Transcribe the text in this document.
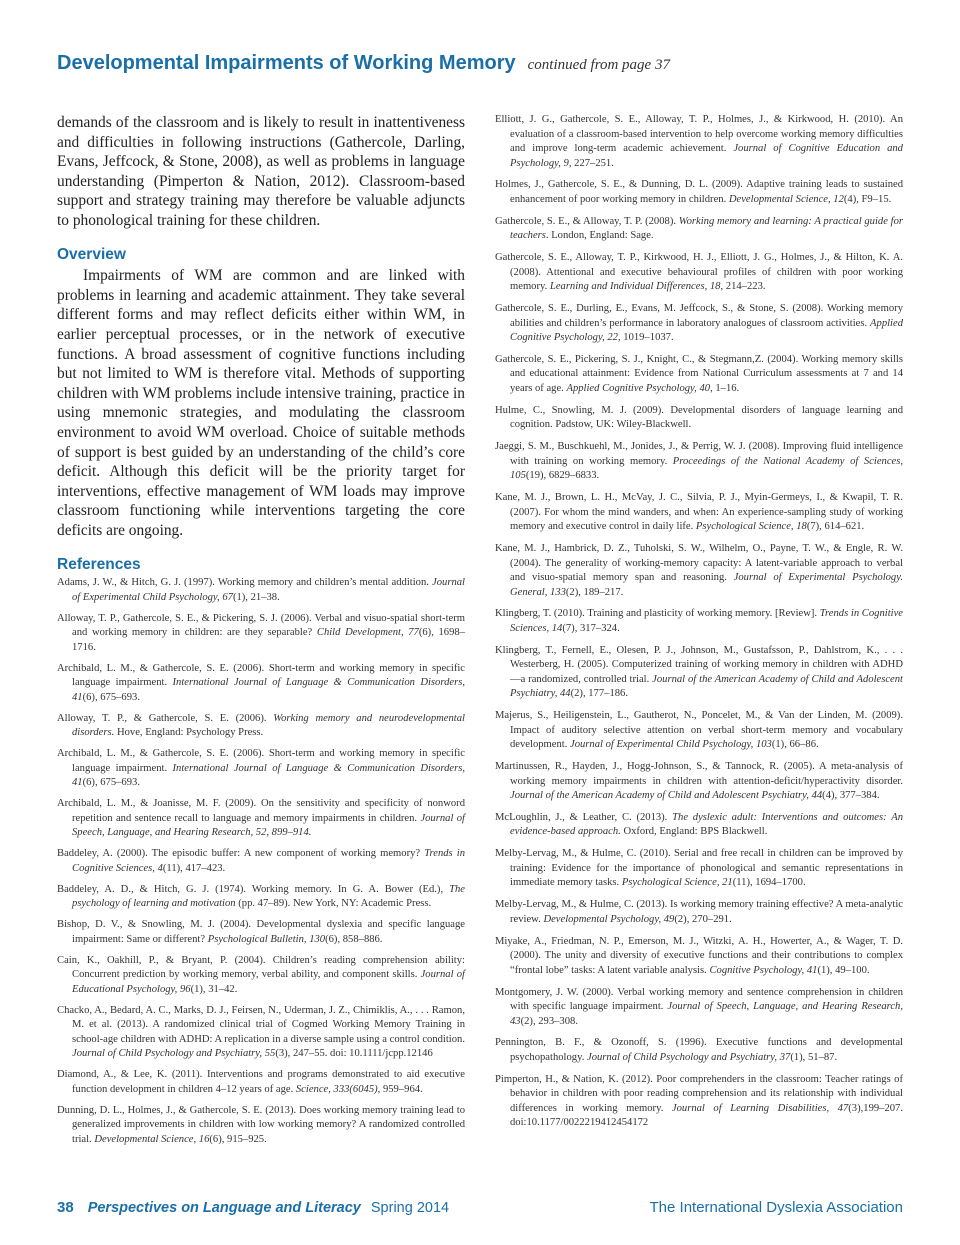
Developmental Impairments of Working Memory continued from page 37

demands of the classroom and is likely to result in inattentiveness and difficulties in following instructions (Gathercole, Darling, Evans, Jeffcock, & Stone, 2008), as well as problems in language understanding (Pimperton & Nation, 2012). Classroom-based support and strategy training may therefore be valuable adjuncts to phonological training for these children.

Overview

Impairments of WM are common and are linked with problems in learning and academic attainment. They take several different forms and may reflect deficits either within WM, in earlier perceptual processes, or in the network of executive functions. A broad assessment of cognitive functions including but not limited to WM is therefore vital. Methods of supporting children with WM problems include intensive training, practice in using mnemonic strategies, and modulating the classroom environment to avoid WM overload. Choice of suitable methods of support is best guided by an understanding of the child’s core deficit. Although this deficit will be the priority target for interventions, effective management of WM loads may improve classroom functioning while interventions targeting the core deficits are ongoing.

References

Adams, J. W., & Hitch, G. J. (1997). Working memory and children’s mental addition. Journal of Experimental Child Psychology, 67(1), 21–38.

Alloway, T. P., Gathercole, S. E., & Pickering, S. J. (2006). Verbal and visuo-spatial short-term and working memory in children: are they separable? Child Development, 77(6), 1698–1716.

Archibald, L. M., & Gathercole, S. E. (2006). Short-term and working memory in specific language impairment. International Journal of Language & Communication Disorders, 41(6), 675–693.

Alloway, T. P., & Gathercole, S. E. (2006). Working memory and neurodevelopmental disorders. Hove, England: Psychology Press.

Archibald, L. M., & Gathercole, S. E. (2006). Short-term and working memory in specific language impairment. International Journal of Language & Communication Disorders, 41(6), 675–693.

Archibald, L. M., & Joanisse, M. F. (2009). On the sensitivity and specificity of nonword repetition and sentence recall to language and memory impairments in children. Journal of Speech, Language, and Hearing Research, 52, 899–914.

Baddeley, A. (2000). The episodic buffer: A new component of working memory? Trends in Cognitive Sciences, 4(11), 417–423.

Baddeley, A. D., & Hitch, G. J. (1974). Working memory. In G. A. Bower (Ed.), The psychology of learning and motivation (pp. 47–89). New York, NY: Academic Press.

Bishop, D. V., & Snowling, M. J. (2004). Developmental dyslexia and specific language impairment: Same or different? Psychological Bulletin, 130(6), 858–886.

Cain, K., Oakhill, P., & Bryant, P. (2004). Children’s reading comprehension ability: Concurrent prediction by working memory, verbal ability, and component skills. Journal of Educational Psychology, 96(1), 31–42.

Chacko, A., Bedard, A. C., Marks, D. J., Feirsen, N., Uderman, J. Z., Chimiklis, A., . . . Ramon, M. et al. (2013). A randomized clinical trial of Cogmed Working Memory Training in school-age children with ADHD: A replication in a diverse sample using a control condition. Journal of Child Psychology and Psychiatry, 55(3), 247–55. doi: 10.1111/jcpp.12146

Diamond, A., & Lee, K. (2011). Interventions and programs demonstrated to aid executive function development in children 4–12 years of age. Science, 333(6045), 959–964.

Dunning, D. L., Holmes, J., & Gathercole, S. E. (2013). Does working memory training lead to generalized improvements in children with low working memory? A randomized controlled trial. Developmental Science, 16(6), 915–925.

Elliott, J. G., Gathercole, S. E., Alloway, T. P., Holmes, J., & Kirkwood, H. (2010). An evaluation of a classroom-based intervention to help overcome working memory difficulties and improve long-term academic achievement. Journal of Cognitive Education and Psychology, 9, 227–251.

Holmes, J., Gathercole, S. E., & Dunning, D. L. (2009). Adaptive training leads to sustained enhancement of poor working memory in children. Developmental Science, 12(4), F9–15.

Gathercole, S. E., & Alloway, T. P. (2008). Working memory and learning: A practical guide for teachers. London, England: Sage.

Gathercole, S. E., Alloway, T. P., Kirkwood, H. J., Elliott, J. G., Holmes, J., & Hilton, K. A. (2008). Attentional and executive behavioural profiles of children with poor working memory. Learning and Individual Differences, 18, 214–223.

Gathercole, S. E., Durling, E., Evans, M. Jeffcock, S., & Stone, S. (2008). Working memory abilities and children’s performance in laboratory analogues of classroom activities. Applied Cognitive Psychology, 22, 1019–1037.

Gathercole, S. E., Pickering, S. J., Knight, C., & Stegmann,Z. (2004). Working memory skills and educational attainment: Evidence from National Curriculum assessments at 7 and 14 years of age. Applied Cognitive Psychology, 40, 1–16.

Hulme, C., Snowling, M. J. (2009). Developmental disorders of language learning and cognition. Padstow, UK: Wiley-Blackwell.

Jaeggi, S. M., Buschkuehl, M., Jonides, J., & Perrig, W. J. (2008). Improving fluid intelligence with training on working memory. Proceedings of the National Academy of Sciences, 105(19), 6829–6833.

Kane, M. J., Brown, L. H., McVay, J. C., Silvia, P. J., Myin-Germeys, I., & Kwapil, T. R. (2007). For whom the mind wanders, and when: An experience-sampling study of working memory and executive control in daily life. Psychological Science, 18(7), 614–621.

Kane, M. J., Hambrick, D. Z., Tuholski, S. W., Wilhelm, O., Payne, T. W., & Engle, R. W. (2004). The generality of working-memory capacity: A latent-variable approach to verbal and visuo-spatial memory span and reasoning. Journal of Experimental Psychology. General, 133(2), 189–217.

Klingberg, T. (2010). Training and plasticity of working memory. [Review]. Trends in Cognitive Sciences, 14(7), 317–324.

Klingberg, T., Fernell, E., Olesen, P. J., Johnson, M., Gustafsson, P., Dahlstrom, K., . . . Westerberg, H. (2005). Computerized training of working memory in children with ADHD—a randomized, controlled trial. Journal of the American Academy of Child and Adolescent Psychiatry, 44(2), 177–186.

Majerus, S., Heiligenstein, L., Gautherot, N., Poncelet, M., & Van der Linden, M. (2009). Impact of auditory selective attention on verbal short-term memory and vocabulary development. Journal of Experimental Child Psychology, 103(1), 66–86.

Martinussen, R., Hayden, J., Hogg-Johnson, S., & Tannock, R. (2005). A meta-analysis of working memory impairments in children with attention-deficit/hyperactivity disorder. Journal of the American Academy of Child and Adolescent Psychiatry, 44(4), 377–384.

McLoughlin, J., & Leather, C. (2013). The dyslexic adult: Interventions and outcomes: An evidence-based approach. Oxford, England: BPS Blackwell.

Melby-Lervag, M., & Hulme, C. (2010). Serial and free recall in children can be improved by training: Evidence for the importance of phonological and semantic representations in immediate memory tasks. Psychological Science, 21(11), 1694–1700.

Melby-Lervag, M., & Hulme, C. (2013). Is working memory training effective? A meta-analytic review. Developmental Psychology, 49(2), 270–291.

Miyake, A., Friedman, N. P., Emerson, M. J., Witzki, A. H., Howerter, A., & Wager, T. D. (2000). The unity and diversity of executive functions and their contributions to complex “frontal lobe” tasks: A latent variable analysis. Cognitive Psychology, 41(1), 49–100.

Montgomery, J. W. (2000). Verbal working memory and sentence comprehension in children with specific language impairment. Journal of Speech, Language, and Hearing Research, 43(2), 293–308.

Pennington, B. F., & Ozonoff, S. (1996). Executive functions and developmental psychopathology. Journal of Child Psychology and Psychiatry, 37(1), 51–87.

Pimperton, H., & Nation, K. (2012). Poor comprehenders in the classroom: Teacher ratings of behavior in children with poor reading comprehension and its relationship with individual differences in working memory. Journal of Learning Disabilities, 47(3),199–207. doi:10.1177/0022219412454172

38 Perspectives on Language and Literacy Spring 2014	The International Dyslexia Association
